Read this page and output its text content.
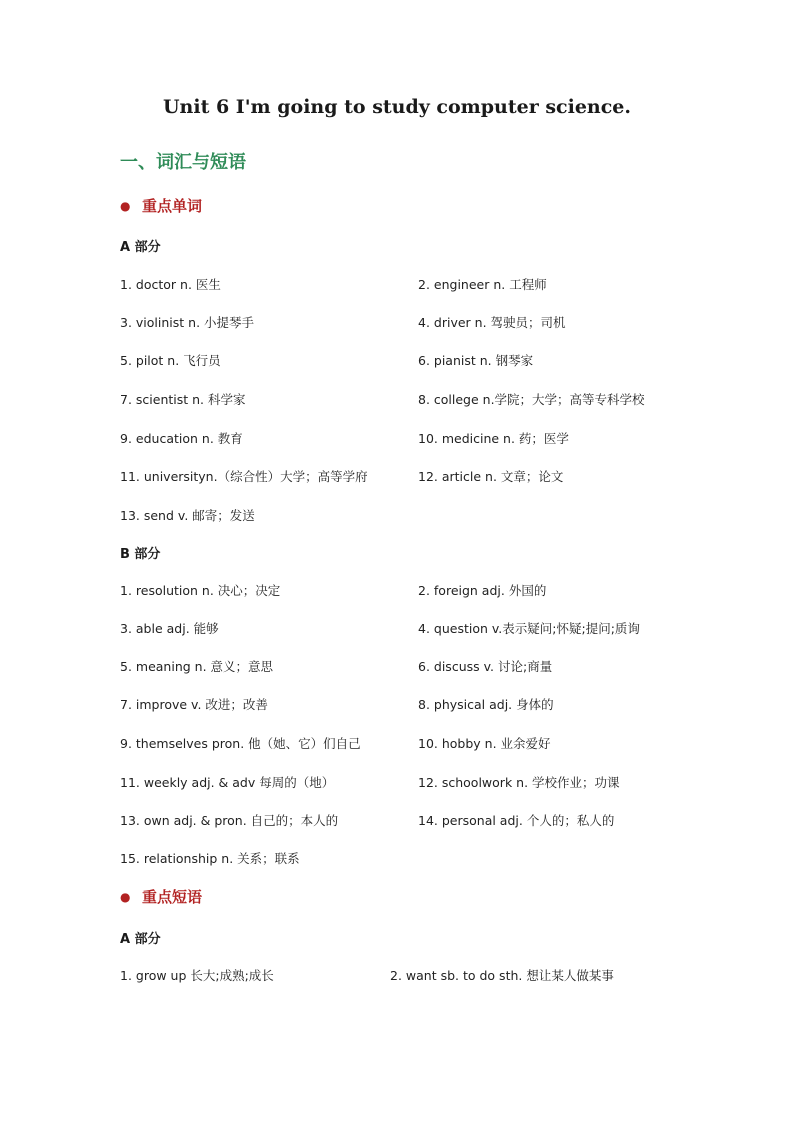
Unit 6 I'm going to study computer science.
一、词汇与短语
● 重点单词
A 部分
1. doctor n. 医生	2. engineer n. 工程师
3. violinist n. 小提琴手	4. driver n. 驾驶员；司机
5. pilot n. 飞行员	6. pianist n. 钢琴家
7. scientist n. 科学家	8. college n.学院；大学；高等专科学校
9. education n. 教育	10. medicine n. 药；医学
11. universityn.（综合性）大学；高等学府	12. article n. 文章；论文
13. send v. 邮寄；发送
B 部分
1. resolution n. 决心；决定	2. foreign adj. 外国的
3. able adj. 能够	4. question v.表示疑问;怀疑;提问;质询
5. meaning n. 意义；意思	6. discuss v. 讨论;商量
7. improve v. 改进；改善	8. physical adj. 身体的
9. themselves pron. 他（她、它）们自己	10. hobby n. 业余爱好
11. weekly adj. & adv 每周的（地）	12. schoolwork n. 学校作业；功课
13. own adj. & pron. 自己的；本人的	14. personal adj. 个人的；私人的
15. relationship n. 关系；联系
● 重点短语
A 部分
1. grow up 长大;成熟;成长	2. want sb. to do sth. 想让某人做某事
